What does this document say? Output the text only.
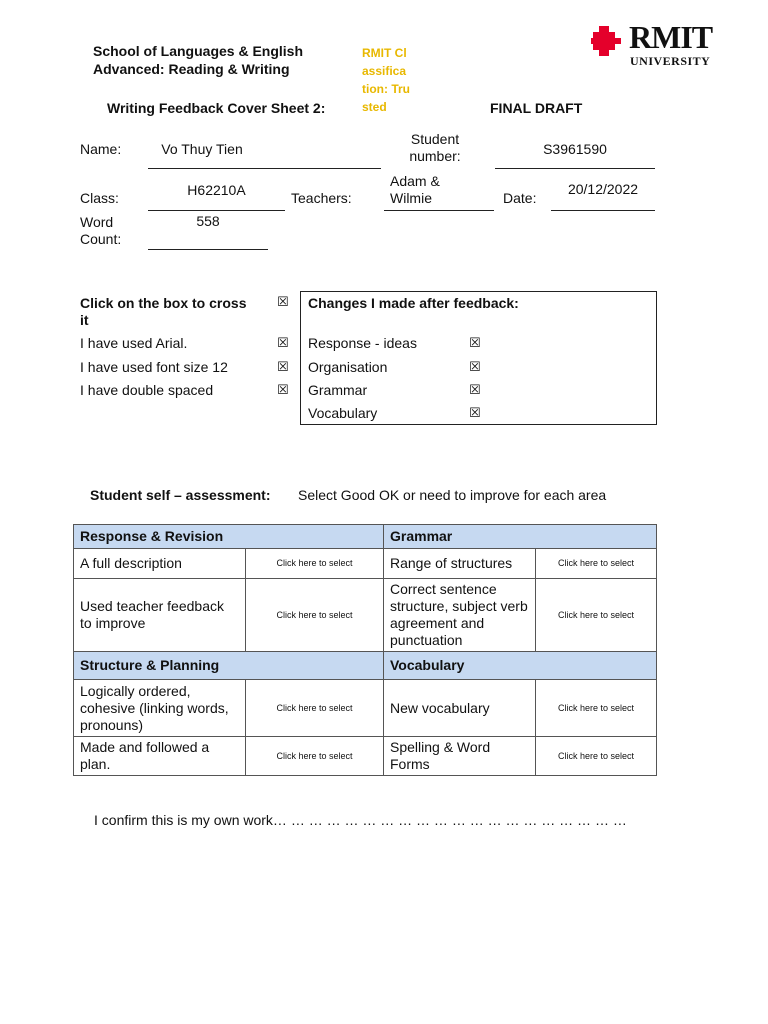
School of Languages & English
Advanced: Reading & Writing
RMIT Classification: Trusted
Writing Feedback Cover Sheet 2:	FINAL DRAFT
RMIT
UNIVERSITY
Name:	Vo Thuy Tien
Student number:	S3961590
Class:	H62210A	Teachers:
Adam & Wilmie	Date:
20/12/2022
Word Count:
558
Click on the box to cross it
☒
I have used Arial.	☒
I have used font size 12	☒
I have double spaced	☒
Changes I made after feedback:
Response - ideas	☒
Organisation	☒
Grammar	☒
Vocabulary	☒
Student self – assessment: Select Good OK or need to improve for each area
Response & Revision		Grammar	
A full description	Click here to select	Range of structures	Click here to select
Used teacher feedback to improve	Click here to select	Correct sentence structure, subject verb agreement and punctuation	Click here to select
Structure & Planning		Vocabulary	
Logically ordered, cohesive (linking words, pronouns)	Click here to select	New vocabulary	Click here to select
Made and followed a plan.	Click here to select	Spelling & Word Forms	Click here to select
I confirm this is my own work… … … … … … … … … … … … … … … … … … … …
